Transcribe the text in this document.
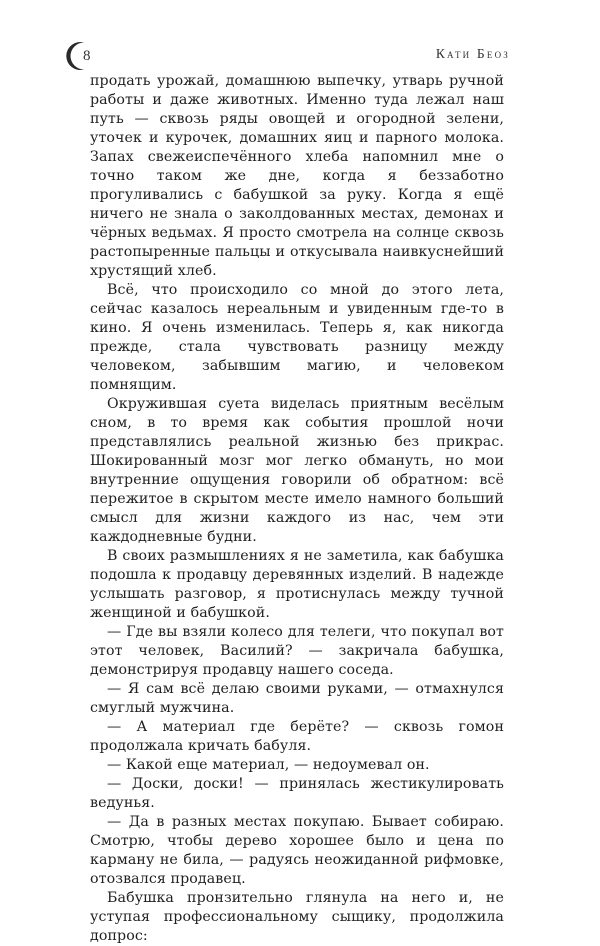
8	Кати Беоз

продать урожай, домашнюю выпечку, утварь ручной работы и даже животных. Именно туда лежал наш путь — сквозь ряды овощей и огородной зелени, уточек и курочек, домашних яиц и парного молока. Запах свежеиспечённого хлеба напомнил мне о точно таком же дне, когда я беззаботно прогуливались с бабушкой за руку. Когда я ещё ничего не знала о заколдованных местах, демонах и чёрных ведьмах. Я просто смотрела на солнце сквозь растопыренные пальцы и откусывала наивкуснейший хрустящий хлеб.

Всё, что происходило со мной до этого лета, сейчас казалось нереальным и увиденным где-то в кино. Я очень изменилась. Теперь я, как никогда прежде, стала чувствовать разницу между человеком, забывшим магию, и человеком помнящим.

Окружившая суета виделась приятным весёлым сном, в то время как события прошлой ночи представлялись реальной жизнью без прикрас. Шокированный мозг мог легко обмануть, но мои внутренние ощущения говорили об обратном: всё пережитое в скрытом месте имело намного больший смысл для жизни каждого из нас, чем эти каждодневные будни.

В своих размышлениях я не заметила, как бабушка подошла к продавцу деревянных изделий. В надежде услышать разговор, я протиснулась между тучной женщиной и бабушкой.

— Где вы взяли колесо для телеги, что покупал вот этот человек, Василий? — закричала бабушка, демонстрируя продавцу нашего соседа.

— Я сам всё делаю своими руками, — отмахнулся смуглый мужчина.

— А материал где берёте? — сквозь гомон продолжала кричать бабуля.

— Какой еще материал, — недоумевал он.

— Доски, доски! — принялась жестикулировать ведунья.

— Да в разных местах покупаю. Бывает собираю. Смотрю, чтобы дерево хорошее было и цена по карману не била, — радуясь неожиданной рифмовке, отозвался продавец.

Бабушка пронзительно глянула на него и, не уступая профессиональному сыщику, продолжила допрос:
